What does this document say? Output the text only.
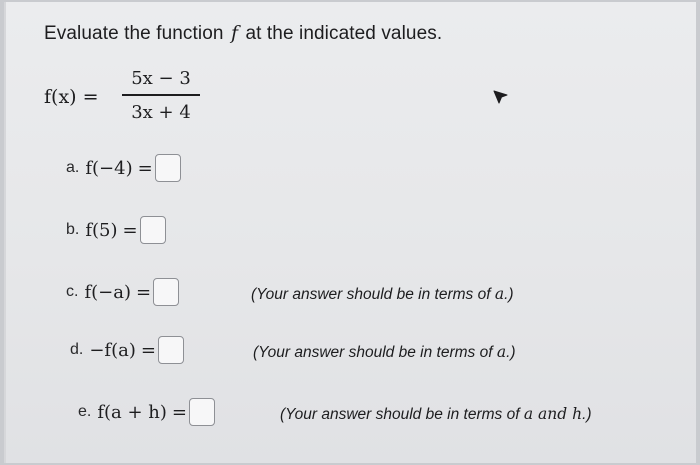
Evaluate the function f at the indicated values.
f(x) =
5x − 3
3x + 4
a. f(−4) =
b. f(5) =
c. f(−a) =	(Your answer should be in terms of a.)
d. −f(a) =	(Your answer should be in terms of a.)
e. f(a + h) =	(Your answer should be in terms of a and h.)
